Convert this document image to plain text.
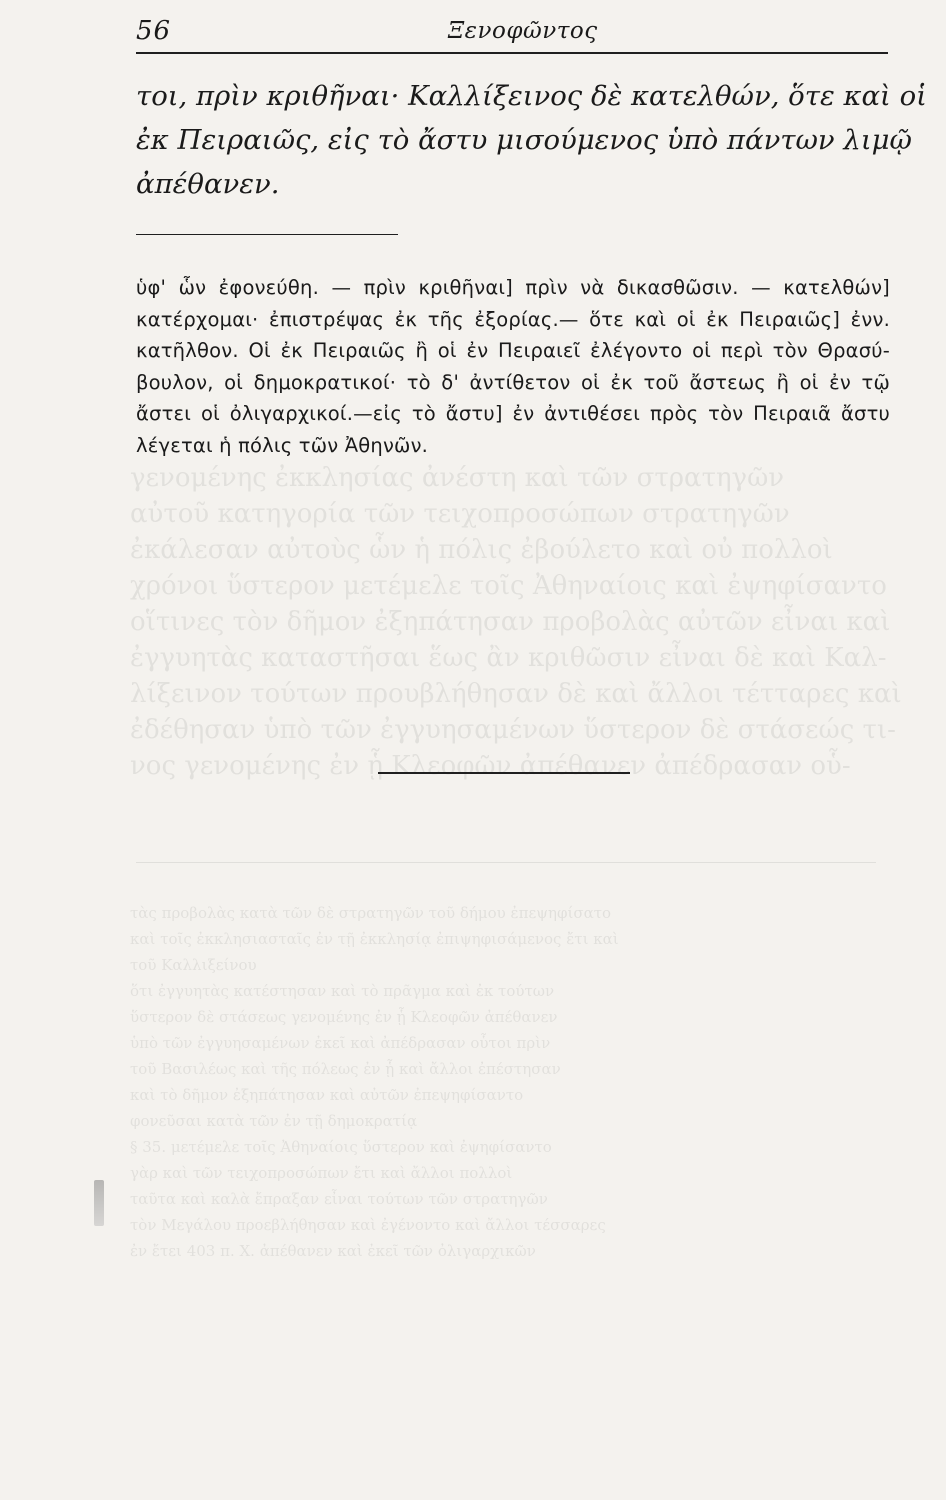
γενομένης ἐκκλησίας ἀνέστη καὶ τῶν στρατηγῶν
αὐτοῦ κατηγορία τῶν τειχοπροσώπων στρατηγῶν
ἐκάλεσαν αὐτοὺς ὧν ἡ πόλις ἐβούλετο καὶ οὐ πολλοὶ
χρόνοι ὕστερον μετέμελε τοῖς Ἀθηναίοις καὶ ἐψηφίσαντο
οἵτινες τὸν δῆμον ἐξηπάτησαν προβολὰς αὐτῶν εἶναι καὶ
ἐγγυητὰς καταστῆσαι ἕως ἂν κριθῶσιν εἶναι δὲ καὶ Καλ-
λίξεινον τούτων προυβλήθησαν δὲ καὶ ἄλλοι τέτταρες καὶ
ἐδέθησαν ὑπὸ τῶν ἐγγυησαμένων ὕστερον δὲ στάσεώς τι-
νος γενομένης ἐν ᾗ Κλεοφῶν ἀπέθανεν ἀπέδρασαν οὗ-
τὰς προβολὰς κατὰ τῶν δὲ στρατηγῶν τοῦ δήμου ἐπεψηφίσατο
καὶ τοῖς ἐκκλησιασταῖς ἐν τῇ ἐκκλησίᾳ ἐπιψηφισάμενος ἔτι καὶ
τοῦ Καλλιξείνου
ὅτι ἐγγυητὰς κατέστησαν καὶ τὸ πρᾶγμα καὶ ἐκ τούτων
ὕστερον δὲ στάσεως γενομένης ἐν ᾗ Κλεοφῶν ἀπέθανεν
ὑπὸ τῶν ἐγγυησαμένων ἐκεῖ καὶ ἀπέδρασαν οὗτοι πρὶν
τοῦ Βασιλέως καὶ τῆς πόλεως ἐν ᾗ καὶ ἄλλοι ἐπέστησαν
καὶ τὸ δῆμον ἐξηπάτησαν καὶ αὐτῶν ἐπεψηφίσαντο
φονεῦσαι κατὰ τῶν ἐν τῇ δημοκρατίᾳ
§ 35. μετέμελε τοῖς Ἀθηναίοις ὕστερον καὶ ἐψηφίσαντο
γὰρ καὶ τῶν τειχοπροσώπων ἔτι καὶ ἄλλοι πολλοὶ
ταῦτα καὶ καλὰ ἔπραξαν εἶναι τούτων τῶν στρατηγῶν
τὸν Μεγάλου προεβλήθησαν καὶ ἐγένοντο καὶ ἄλλοι τέσσαρες
ἐν ἔτει 403 π. Χ. ἀπέθανεν καὶ ἐκεῖ τῶν ὀλιγαρχικῶν
56	Ξενοφῶντος
τοι, πρὶν κριθῆναι· Καλλίξεινος δὲ κατελθών, ὅτε καὶ οἱ
ἐκ Πειραιῶς, εἰς τὸ ἄστυ μισούμενος ὑπὸ πάντων λιμῷ
ἀπέθανεν.
ὑφ' ὧν ἐφονεύθη. — πρὶν κριθῆναι] πρὶν νὰ δικασθῶσιν. — κατελθών]
κατέρχομαι· ἐπιστρέψας ἐκ τῆς ἐξορίας.— ὅτε καὶ οἱ ἐκ Πειραιῶς] ἐνν.
κατῆλθον. Οἱ ἐκ Πειραιῶς ἢ οἱ ἐν Πειραιεῖ ἐλέγοντο οἱ περὶ τὸν Θρασύ-
βουλον, οἱ δημοκρατικοί· τὸ δ' ἀντίθετον οἱ ἐκ τοῦ ἄστεως ἢ οἱ ἐν τῷ
ἄστει οἱ ὀλιγαρχικοί.—εἰς τὸ ἄστυ] ἐν ἀντιθέσει πρὸς τὸν Πειραιᾶ ἄστυ
λέγεται ἡ πόλις τῶν Ἀθηνῶν.
